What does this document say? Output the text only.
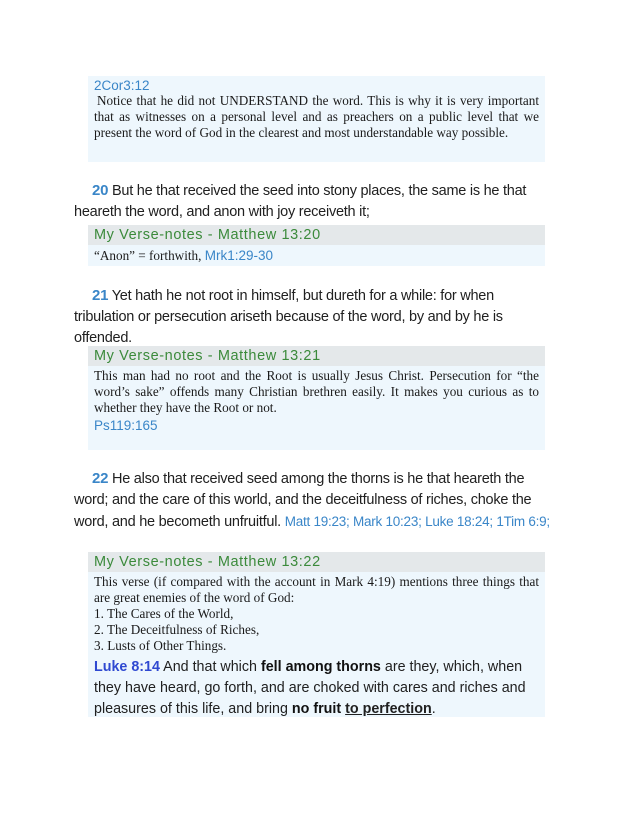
2Cor3:12
Notice that he did not UNDERSTAND the word. This is why it is very important that as witnesses on a personal level and as preachers on a public level that we present the word of God in the clearest and most understandable way possible.
20 But he that received the seed into stony places, the same is he that heareth the word, and anon with joy receiveth it;
My Verse-notes - Matthew 13:20
“Anon” = forthwith, Mrk1:29-30
21 Yet hath he not root in himself, but dureth for a while: for when tribulation or persecution ariseth because of the word, by and by he is offended.
My Verse-notes - Matthew 13:21
This man had no root and the Root is usually Jesus Christ. Persecution for “the word’s sake” offends many Christian brethren easily. It makes you curious as to whether they have the Root or not.
Ps119:165
22 He also that received seed among the thorns is he that heareth the word; and the care of this world, and the deceitfulness of riches, choke the word, and he becometh unfruitful. Matt 19:23; Mark 10:23; Luke 18:24; 1Tim 6:9;
My Verse-notes - Matthew 13:22
This verse (if compared with the account in Mark 4:19) mentions three things that are great enemies of the word of God:
1. The Cares of the World,
2. The Deceitfulness of Riches,
3. Lusts of Other Things.
Luke 8:14 And that which fell among thorns are they, which, when they have heard, go forth, and are choked with cares and riches and pleasures of this life, and bring no fruit to perfection.
